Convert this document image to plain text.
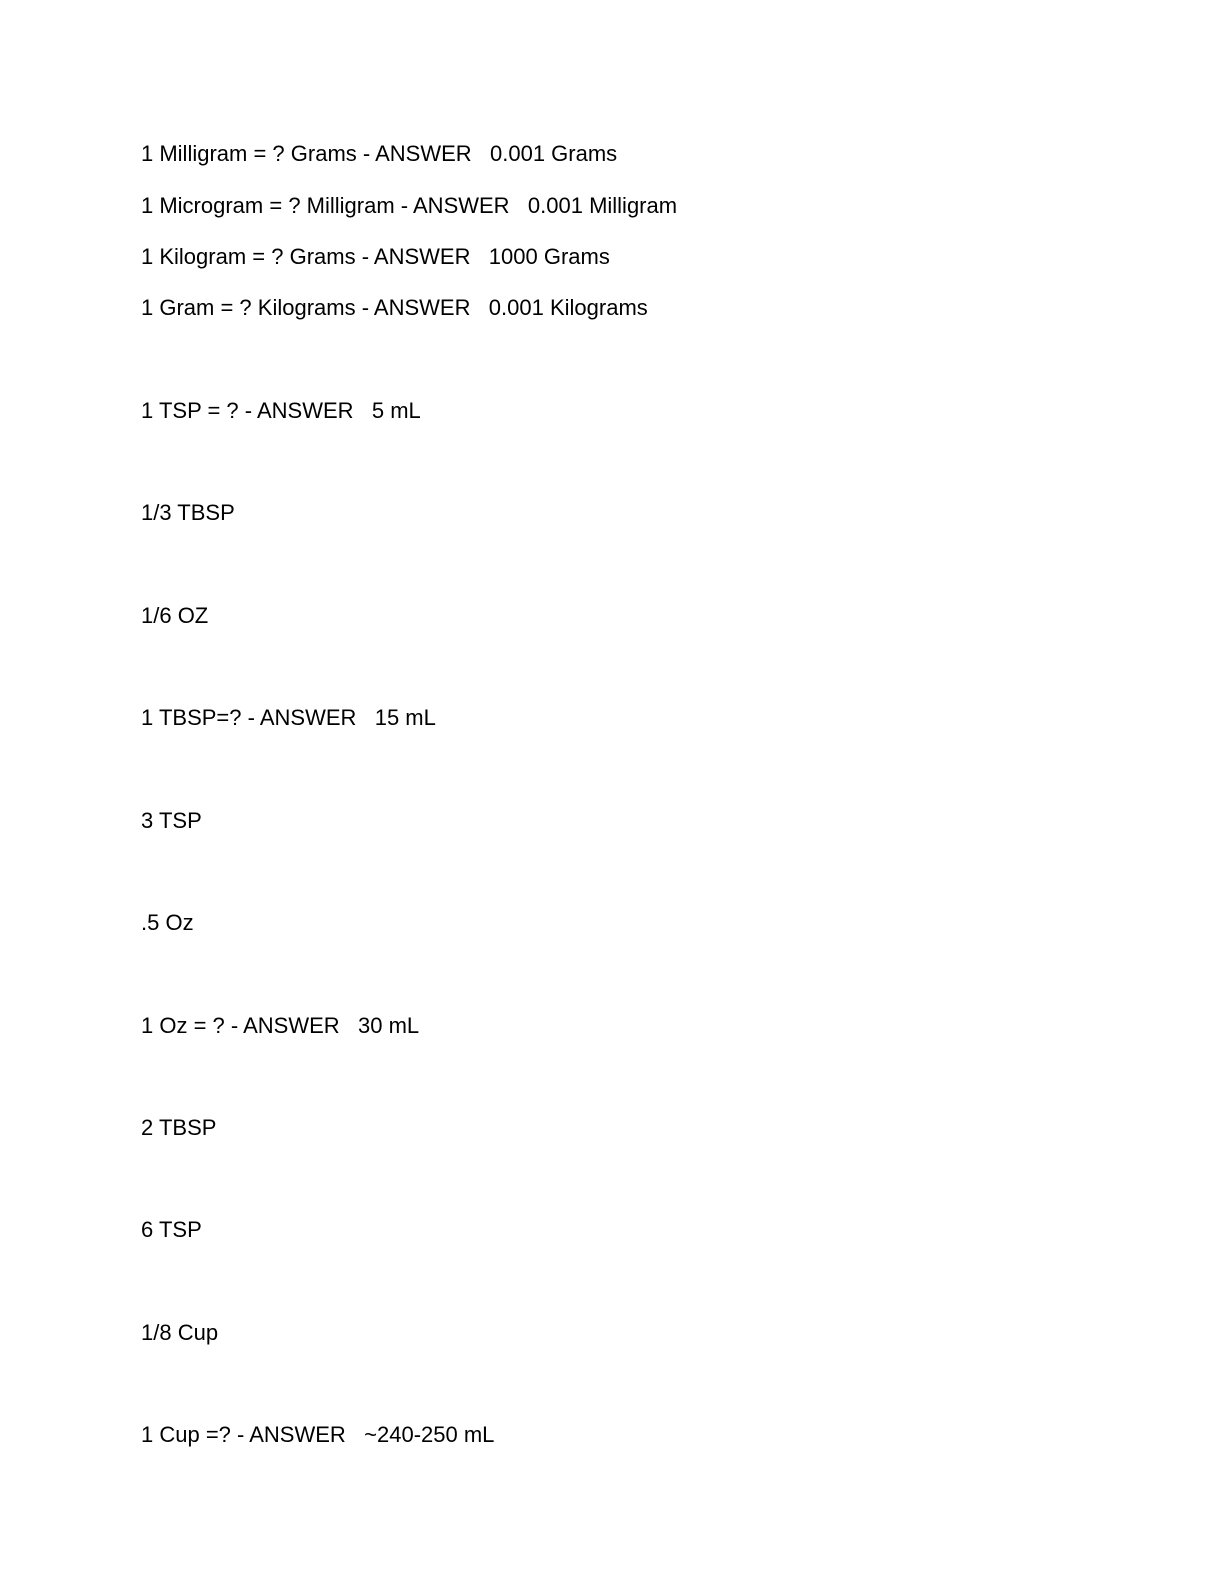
1 Milligram = ? Grams - ANSWER   0.001 Grams
1 Microgram = ? Milligram - ANSWER   0.001 Milligram
1 Kilogram = ? Grams - ANSWER   1000 Grams
1 Gram = ? Kilograms - ANSWER   0.001 Kilograms
1 TSP = ? - ANSWER   5 mL
1/3 TBSP
1/6 OZ
1 TBSP=? - ANSWER   15 mL
3 TSP
.5 Oz
1 Oz = ? - ANSWER   30 mL
2 TBSP
6 TSP
1/8 Cup
1 Cup =? - ANSWER   ~240-250 mL
